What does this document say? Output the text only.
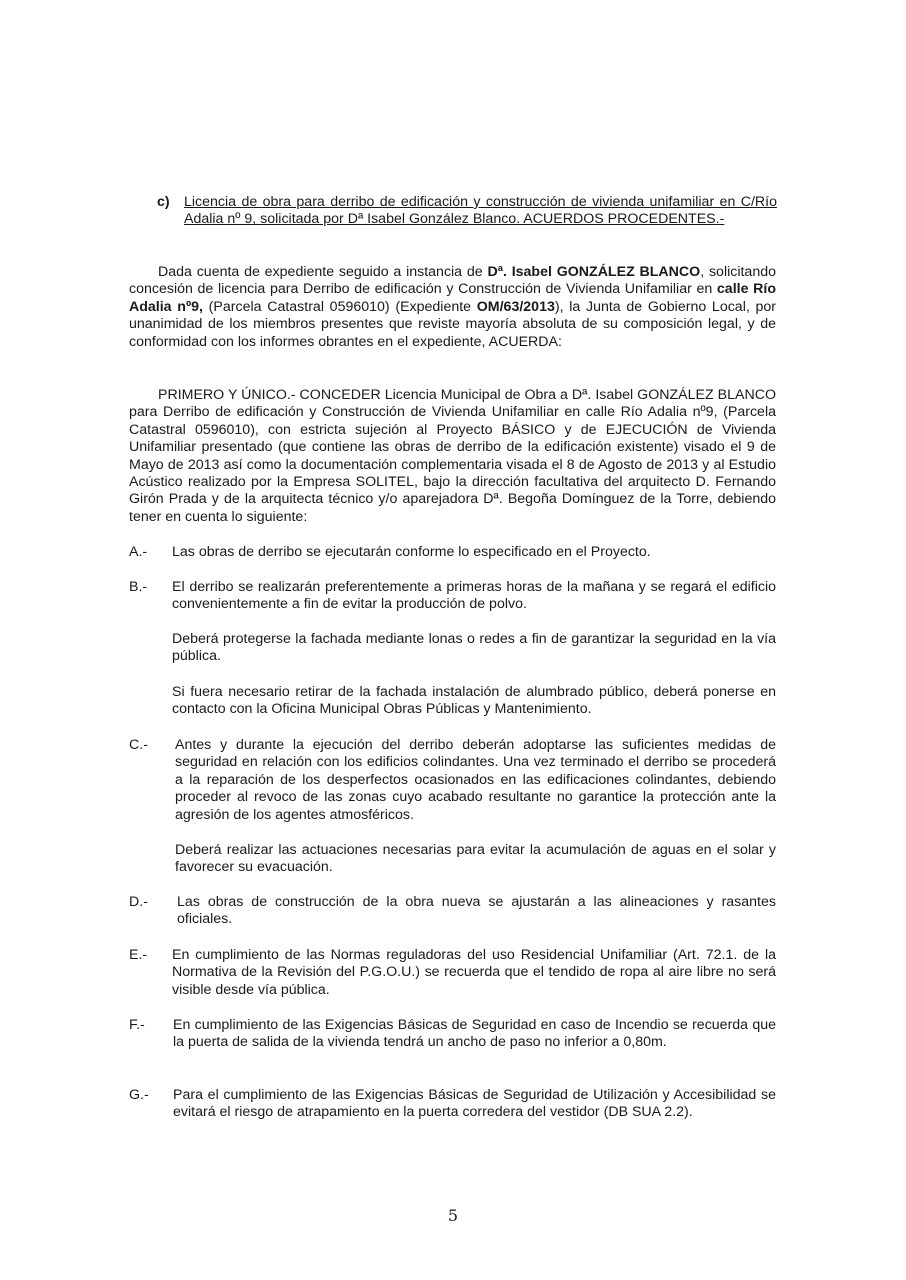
c) Licencia de obra para derribo de edificación y construcción de vivienda unifamiliar en C/Río Adalia nº 9, solicitada por Dª Isabel González Blanco. ACUERDOS PROCEDENTES.-
Dada cuenta de expediente seguido a instancia de Dª. Isabel GONZÁLEZ BLANCO, solicitando concesión de licencia para Derribo de edificación y Construcción de Vivienda Unifamiliar en calle Río Adalia nº9, (Parcela Catastral 0596010) (Expediente OM/63/2013), la Junta de Gobierno Local, por unanimidad de los miembros presentes que reviste mayoría absoluta de su composición legal, y de conformidad con los informes obrantes en el expediente, ACUERDA:
PRIMERO Y ÚNICO.- CONCEDER Licencia Municipal de Obra a Dª. Isabel GONZÁLEZ BLANCO para Derribo de edificación y Construcción de Vivienda Unifamiliar en calle Río Adalia nº9, (Parcela Catastral 0596010), con estricta sujeción al Proyecto BÁSICO y de EJECUCIÓN de Vivienda Unifamiliar presentado (que contiene las obras de derribo de la edificación existente) visado el 9 de Mayo de 2013 así como la documentación complementaria visada el 8 de Agosto de 2013 y al Estudio Acústico realizado por la Empresa SOLITEL, bajo la dirección facultativa del arquitecto D. Fernando Girón Prada y de la arquitecta técnico y/o aparejadora Dª. Begoña Domínguez de la Torre, debiendo tener en cuenta lo siguiente:
A.- Las obras de derribo se ejecutarán conforme lo especificado en el Proyecto.
B.- El derribo se realizarán preferentemente a primeras horas de la mañana y se regará el edificio convenientemente a fin de evitar la producción de polvo.
Deberá protegerse la fachada mediante lonas o redes a fin de garantizar la seguridad en la vía pública.
Si fuera necesario retirar de la fachada instalación de alumbrado público, deberá ponerse en contacto con la Oficina Municipal Obras Públicas y Mantenimiento.
C.- Antes y durante la ejecución del derribo deberán adoptarse las suficientes medidas de seguridad en relación con los edificios colindantes. Una vez terminado el derribo se procederá a la reparación de los desperfectos ocasionados en las edificaciones colindantes, debiendo proceder al revoco de las zonas cuyo acabado resultante no garantice la protección ante la agresión de los agentes atmosféricos.
Deberá realizar las actuaciones necesarias para evitar la acumulación de aguas en el solar y favorecer su evacuación.
D.- Las obras de construcción de la obra nueva se ajustarán a las alineaciones y rasantes oficiales.
E.- En cumplimiento de las Normas reguladoras del uso Residencial Unifamiliar (Art. 72.1. de la Normativa de la Revisión del P.G.O.U.) se recuerda que el tendido de ropa al aire libre no será visible desde vía pública.
F.- En cumplimiento de las Exigencias Básicas de Seguridad en caso de Incendio se recuerda que la puerta de salida de la vivienda tendrá un ancho de paso no inferior a 0,80m.
G.- Para el cumplimiento de las Exigencias Básicas de Seguridad de Utilización y Accesibilidad se evitará el riesgo de atrapamiento en la puerta corredera del vestidor (DB SUA 2.2).
5
